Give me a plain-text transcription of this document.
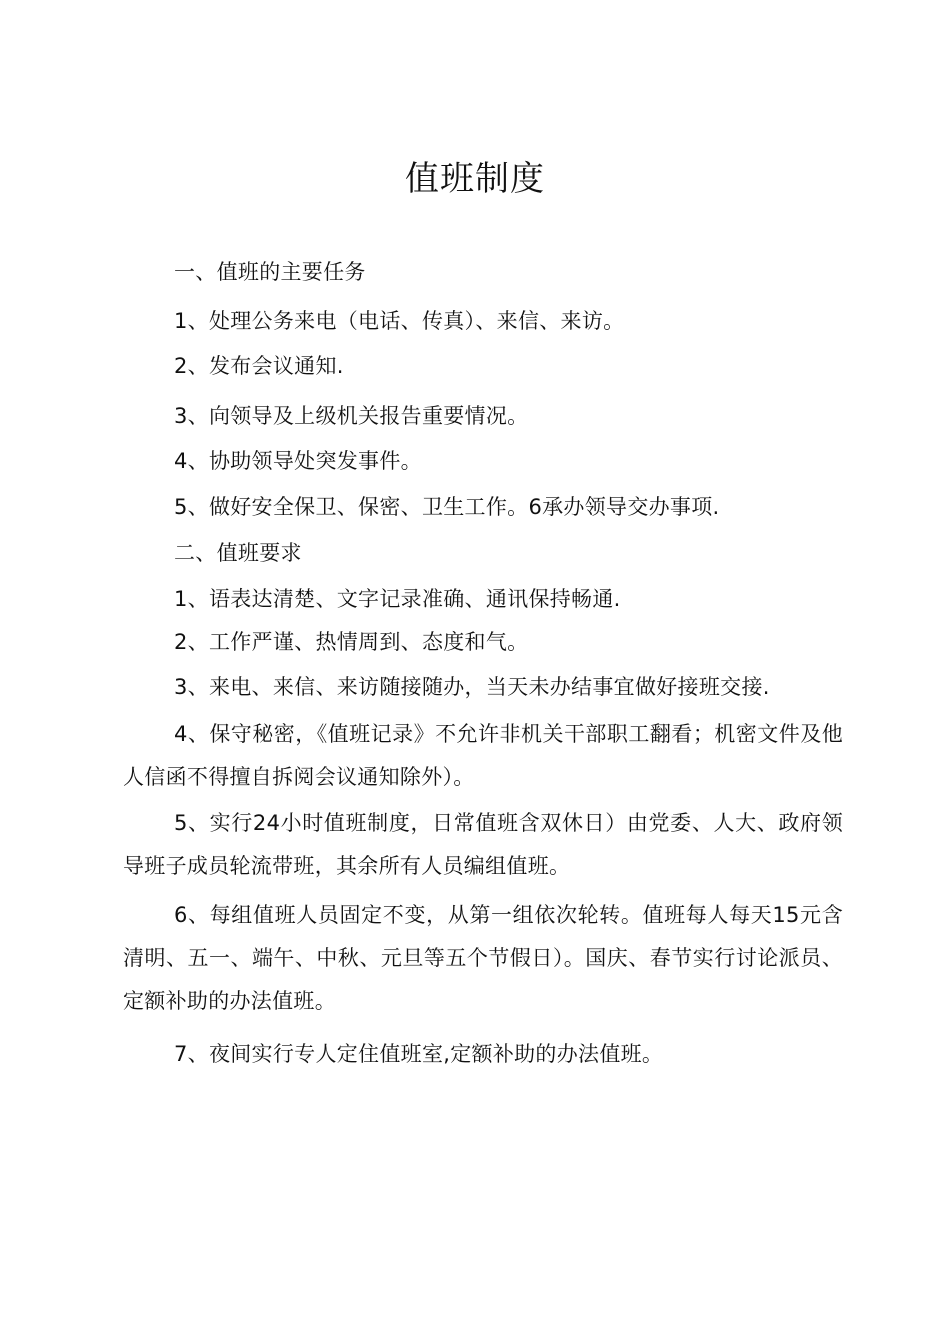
值班制度
一、值班的主要任务
1、处理公务来电（电话、传真）、来信、来访。
2、发布会议通知.
3、向领导及上级机关报告重要情况。
4、协助领导处突发事件。
5、做好安全保卫、保密、卫生工作。6承办领导交办事项.
二、值班要求
1、语表达清楚、文字记录准确、通讯保持畅通.
2、工作严谨、热情周到、态度和气。
3、来电、来信、来访随接随办，当天未办结事宜做好接班交接.
4、保守秘密，《值班记录》不允许非机关干部职工翻看；机密文件及他人信函不得擅自拆阅会议通知除外）。
5、实行24小时值班制度，日常值班含双休日）由党委、人大、政府领导班子成员轮流带班，其余所有人员编组值班。
6、每组值班人员固定不变，从第一组依次轮转。值班每人每天15元含清明、五一、端午、中秋、元旦等五个节假日）。国庆、春节实行讨论派员、定额补助的办法值班。
7、夜间实行专人定住值班室,定额补助的办法值班。
